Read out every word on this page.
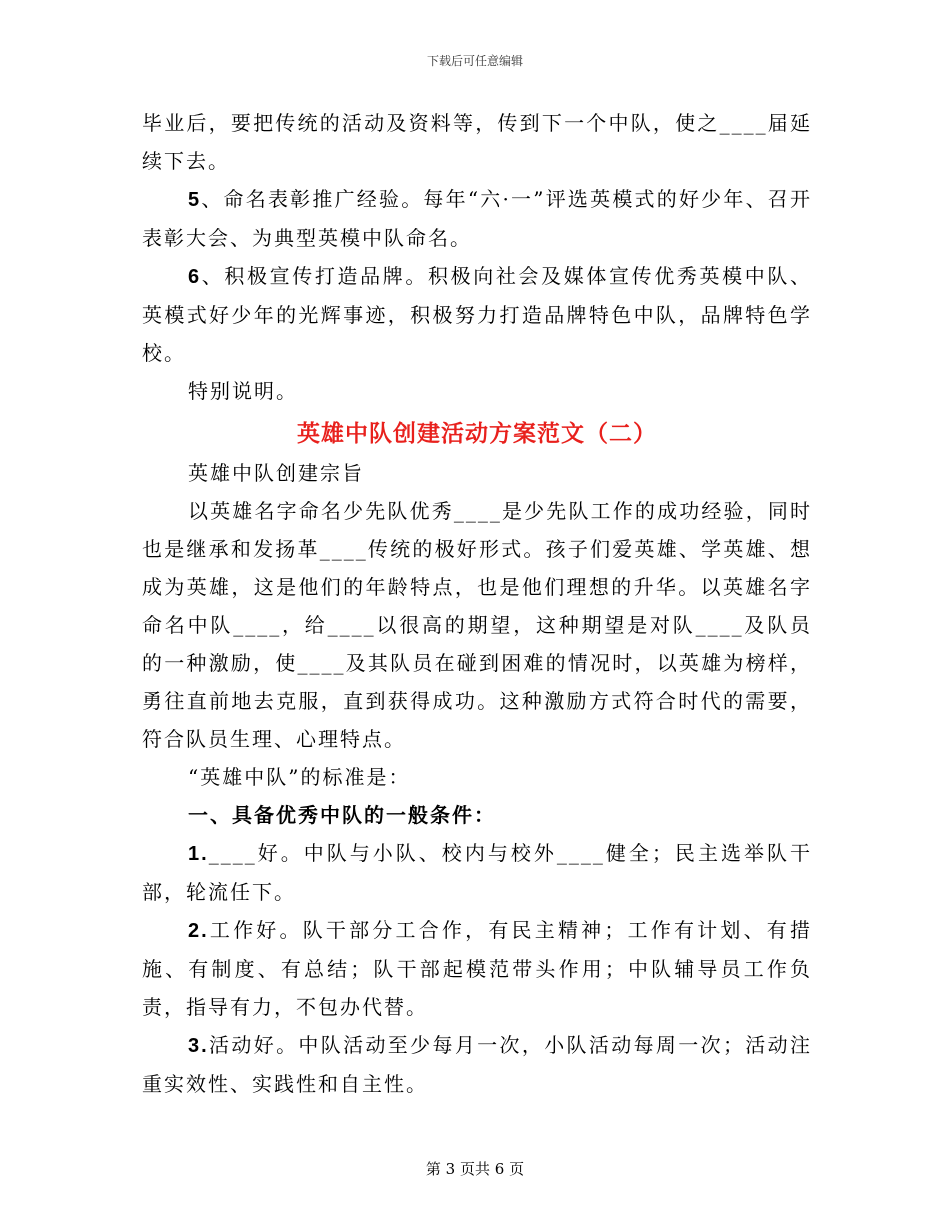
下载后可任意编辑

毕业后，要把传统的活动及资料等，传到下一个中队，使之____届延续下去。

5、命名表彰推广经验。每年“六·一”评选英模式的好少年、召开表彰大会、为典型英模中队命名。

6、积极宣传打造品牌。积极向社会及媒体宣传优秀英模中队、英模式好少年的光辉事迹，积极努力打造品牌特色中队，品牌特色学校。

特别说明。

英雄中队创建活动方案范文（二）

英雄中队创建宗旨

以英雄名字命名少先队优秀____是少先队工作的成功经验，同时也是继承和发扬革____传统的极好形式。孩子们爱英雄、学英雄、想成为英雄，这是他们的年龄特点，也是他们理想的升华。以英雄名字命名中队____，给____以很高的期望，这种期望是对队____及队员的一种激励，使____及其队员在碰到困难的情况时，以英雄为榜样，勇往直前地去克服，直到获得成功。这种激励方式符合时代的需要，符合队员生理、心理特点。

“英雄中队”的标准是：

一、具备优秀中队的一般条件：

1.____好。中队与小队、校内与校外____健全；民主选举队干部，轮流任下。

2.工作好。队干部分工合作，有民主精神；工作有计划、有措施、有制度、有总结；队干部起模范带头作用；中队辅导员工作负责，指导有力，不包办代替。

3.活动好。中队活动至少每月一次，小队活动每周一次；活动注重实效性、实践性和自主性。

第 3 页共 6 页
